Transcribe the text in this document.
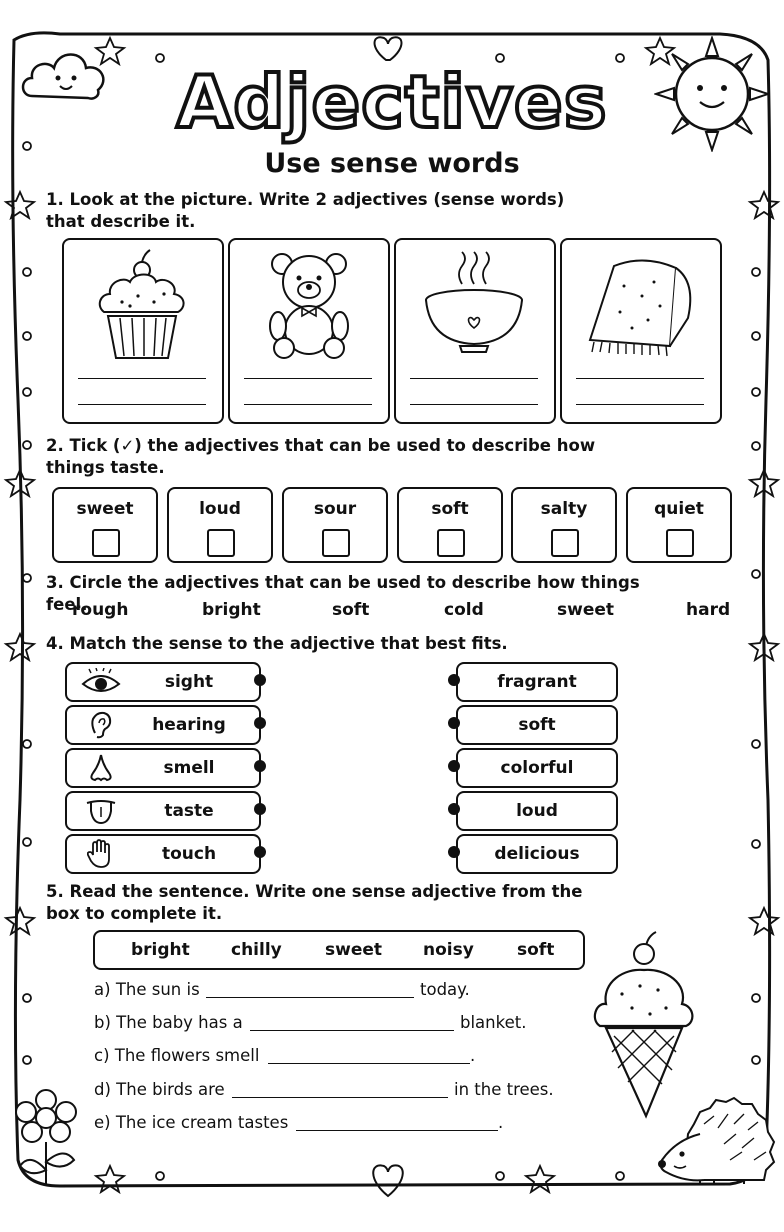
Adjectives
Use sense words
1. Look at the picture. Write 2 adjectives (sense words) that describe it.
2. Tick (✓) the adjectives that can be used to describe how things taste.
sweet	loud	sour	soft	salty	quiet
3. Circle the adjectives that can be used to describe how things feel.
rough	bright	soft	cold	sweet	hard
4. Match the sense to the adjective that best fits.
sight
hearing
smell
taste
touch
fragrant
soft
colorful
loud
delicious
5. Read the sentence. Write one sense adjective from the box to complete it.
bright chilly	sweet noisy	soft
a) The sun is	today.
b) The baby has a	blanket.
c) The flowers smell	.
d) The birds are	in the trees.
e) The ice cream tastes	.
